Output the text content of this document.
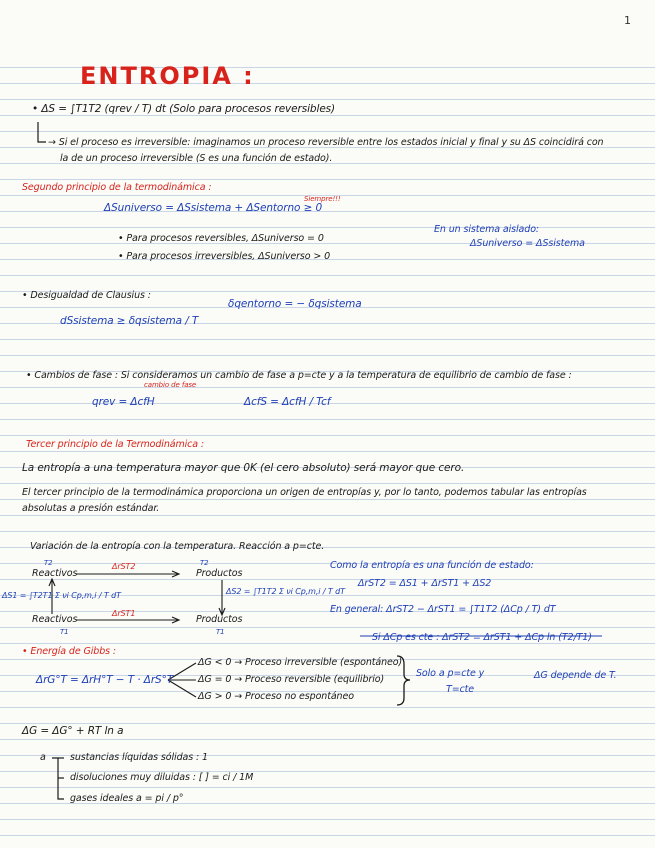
1
ENTROPIA :
• ΔS = ∫T1T2 (qrev / T) dt (Solo para procesos reversibles)
→ Si el proceso es irreversible: imaginamos un proceso reversible entre los estados inicial y final y su ΔS coincidirá con
la de un proceso irreversible (S es una función de estado).
Segundo principio de la termodinámica :
ΔSuniverso = ΔSsistema + ΔSentorno ≥ 0
Siempre!!!
• Para procesos reversibles, ΔSuniverso = 0
• Para procesos irreversibles, ΔSuniverso > 0
En un sistema aislado:
ΔSuniverso = ΔSsistema
• Desigualdad de Clausius :
δqentorno = − δqsistema
dSsistema ≥ δqsistema / T
• Cambios de fase : Si consideramos un cambio de fase a p=cte y a la temperatura de equilibrio de cambio de fase :
cambio de fase
qrev = ΔcfH	ΔcfS = ΔcfH / Tcf
Tercer principio de la Termodinámica :
La entropía a una temperatura mayor que 0K (el cero absoluto) será mayor que cero.
El tercer principio de la termodinámica proporciona un origen de entropías y, por lo tanto, podemos tabular las entropías
absolutas a presión estándar.
Variación de la entropía con la temperatura. Reacción a p=cte.
T2
Reactivos
ΔrST2
Productos
T2
ΔS1 = ∫T2T1 Σ νi Cp,m,i / T dT	ΔS2 = ∫T1T2 Σ νi Cp,m,i / T dT
Reactivos
ΔrST1
Productos
T1	T1
Como la entropía es una función de estado:
ΔrST2 = ΔS1 + ΔrST1 + ΔS2
En general: ΔrST2 − ΔrST1 = ∫T1T2 (ΔCp / T) dT
Si ΔCp es cte : ΔrST2 = ΔrST1 + ΔCp ln (T2/T1)
• Energía de Gibbs :
ΔrG°T = ΔrH°T − T · ΔrS°T
ΔG < 0 → Proceso irreversible (espontáneo)
ΔG = 0 → Proceso reversible (equilibrio)
ΔG > 0 → Proceso no espontáneo
Solo a p=cte y
T=cte
ΔG depende de T.
ΔG = ΔG° + RT ln a
a	sustancias líquidas sólidas : 1
disoluciones muy diluidas : [ ] = ci / 1M
gases ideales a = pi / p°
